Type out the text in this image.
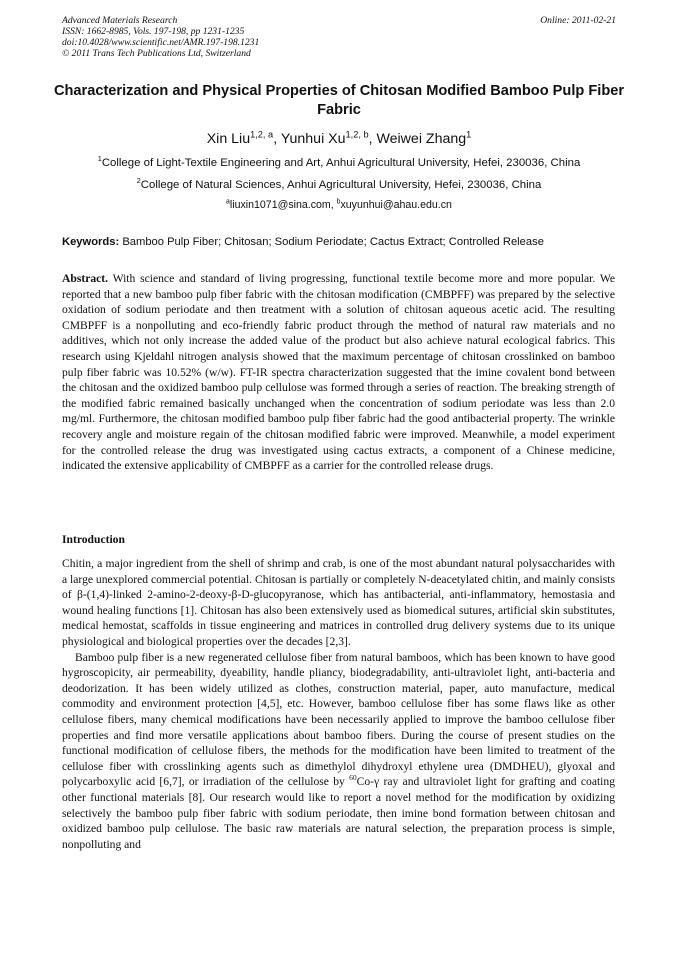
Advanced Materials Research
ISSN: 1662-8985, Vols. 197-198, pp 1231-1235
doi:10.4028/www.scientific.net/AMR.197-198.1231
© 2011 Trans Tech Publications Ltd, Switzerland
Online: 2011-02-21
Characterization and Physical Properties of Chitosan Modified Bamboo Pulp Fiber Fabric
Xin Liu$^{1,2, a}$, Yunhui Xu$^{1,2, b}$, Weiwei Zhang$^1$
$^1$College of Light-Textile Engineering and Art, Anhui Agricultural University, Hefei, 230036, China
$^2$College of Natural Sciences, Anhui Agricultural University, Hefei, 230036, China
$^a$liuxin1071@sina.com, $^b$xuyunhui@ahau.edu.cn
Keywords: Bamboo Pulp Fiber; Chitosan; Sodium Periodate; Cactus Extract; Controlled Release

Abstract. With science and standard of living progressing, functional textile become more and more popular. We reported that a new bamboo pulp fiber fabric with the chitosan modification (CMBPFF) was prepared by the selective oxidation of sodium periodate and then treatment with a solution of chitosan aqueous acetic acid. The resulting CMBPFF is a nonpolluting and eco-friendly fabric product through the method of natural raw materials and no additives, which not only increase the added value of the product but also achieve natural ecological fabrics. This research using Kjeldahl nitrogen analysis showed that the maximum percentage of chitosan crosslinked on bamboo pulp fiber fabric was 10.52% (w/w). FT-IR spectra characterization suggested that the imine covalent bond between the chitosan and the oxidized bamboo pulp cellulose was formed through a series of reaction. The breaking strength of the modified fabric remained basically unchanged when the concentration of sodium periodate was less than 2.0 mg/ml. Furthermore, the chitosan modified bamboo pulp fiber fabric had the good antibacterial property. The wrinkle recovery angle and moisture regain of the chitosan modified fabric were improved. Meanwhile, a model experiment for the controlled release the drug was investigated using cactus extracts, a component of a Chinese medicine, indicated the extensive applicability of CMBPFF as a carrier for the controlled release drugs.

Introduction

Chitin, a major ingredient from the shell of shrimp and crab, is one of the most abundant natural polysaccharides with a large unexplored commercial potential. Chitosan is partially or completely N-deacetylated chitin, and mainly consists of β-(1,4)-linked 2-amino-2-deoxy-β-D-glucopyranose, which has antibacterial, anti-inflammatory, hemostasia and wound healing functions [1]. Chitosan has also been extensively used as biomedical sutures, artificial skin substitutes, medical hemostat, scaffolds in tissue engineering and matrices in controlled drug delivery systems due to its unique physiological and biological properties over the decades [2,3].

Bamboo pulp fiber is a new regenerated cellulose fiber from natural bamboos, which has been known to have good hygroscopicity, air permeability, dyeability, handle pliancy, biodegradability, anti-ultraviolet light, anti-bacteria and deodorization. It has been widely utilized as clothes, construction material, paper, auto manufacture, medical commodity and environment protection [4,5], etc. However, bamboo cellulose fiber has some flaws like as other cellulose fibers, many chemical modifications have been necessarily applied to improve the bamboo cellulose fiber properties and find more versatile applications about bamboo fibers. During the course of present studies on the functional modification of cellulose fibers, the methods for the modification have been limited to treatment of the cellulose fiber with crosslinking agents such as dimethylol dihydroxyl ethylene urea (DMDHEU), glyoxal and polycarboxylic acid [6,7], or irradiation of the cellulose by $^{60}$Co-γ ray and ultraviolet light for grafting and coating other functional materials [8]. Our research would like to report a novel method for the modification by oxidizing selectively the bamboo pulp fiber fabric with sodium periodate, then imine bond formation between chitosan and oxidized bamboo pulp cellulose. The basic raw materials are natural selection, the preparation process is simple, nonpolluting and
